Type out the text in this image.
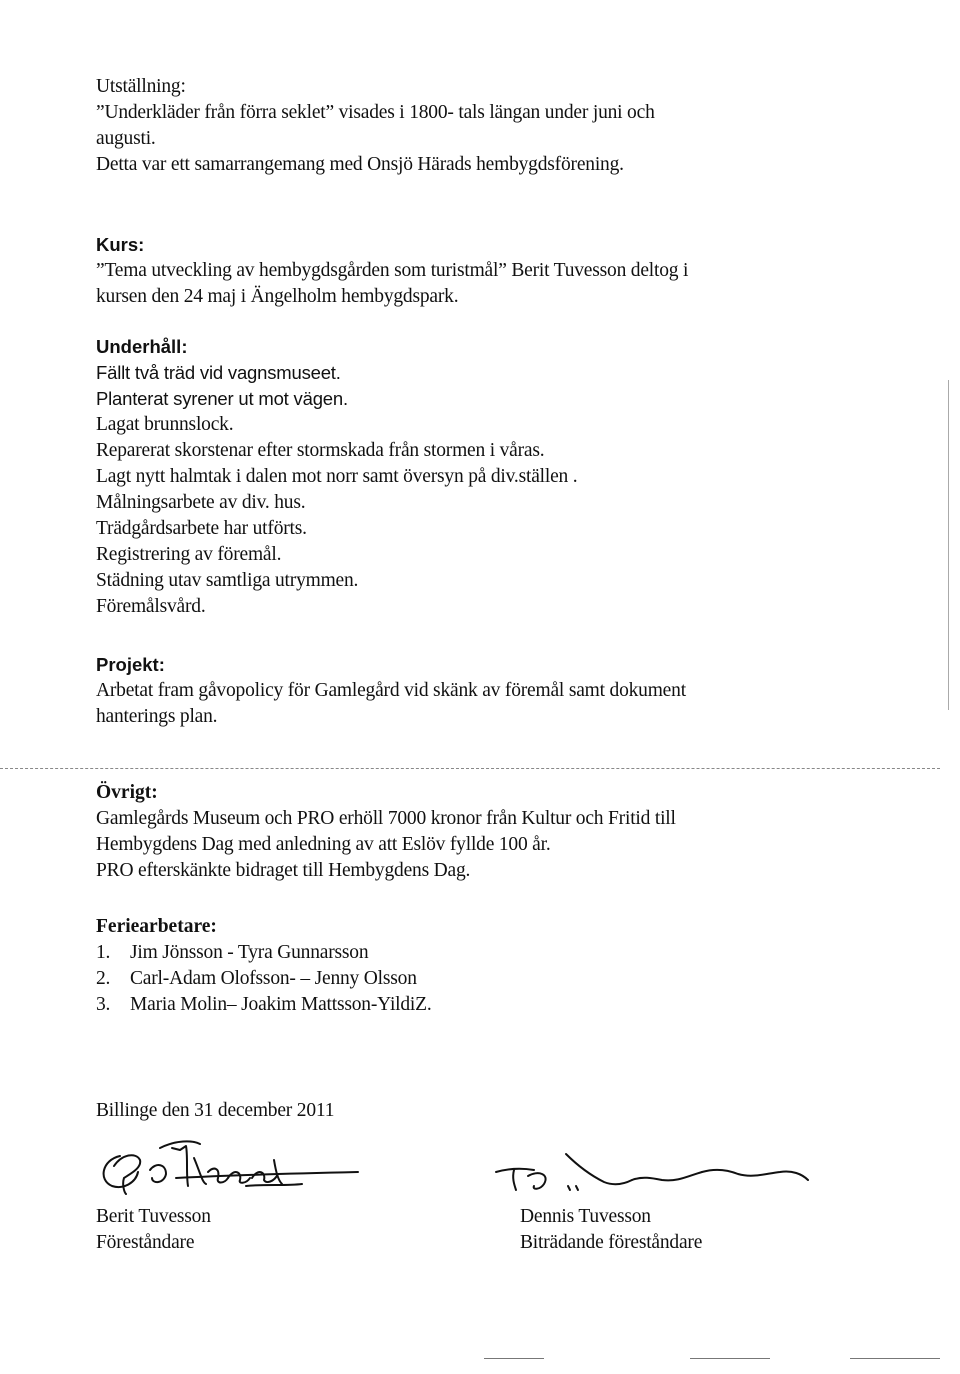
Utställning:
”Underkläder från förra seklet” visades i 1800- tals längan under juni och
augusti.
Detta var ett samarrangemang med Onsjö Härads hembygdsförening.
Kurs:
”Tema utveckling av hembygdsgården som turistmål” Berit Tuvesson deltog i
kursen den 24 maj i Ängelholm hembygdspark.
Underhåll:
Fällt två träd vid vagnsmuseet.
Planterat syrener ut mot vägen.
Lagat brunnslock.
Reparerat skorstenar efter stormskada från stormen i våras.
Lagt nytt halmtak i dalen mot norr samt översyn på div.ställen .
Målningsarbete av div. hus.
Trädgårdsarbete har utförts.
Registrering av föremål.
Städning utav samtliga utrymmen.
Föremålsvård.
Projekt:
Arbetat fram gåvopolicy för Gamlegård vid skänk av föremål samt dokument
hanterings plan.
Övrigt:
Gamlegårds Museum och PRO erhöll 7000 kronor från Kultur och Fritid till
Hembygdens Dag med anledning av att Eslöv fyllde 100 år.
PRO efterskänkte bidraget till Hembygdens Dag.
Feriearbetare:
1.	Jim Jönsson - Tyra Gunnarsson
2.	Carl-Adam Olofsson- – Jenny Olsson
3.	Maria Molin– Joakim Mattsson-YildiZ.
Billinge den 31 december 2011
Berit Tuvesson
Föreståndare
Dennis Tuvesson
Biträdande föreståndare
